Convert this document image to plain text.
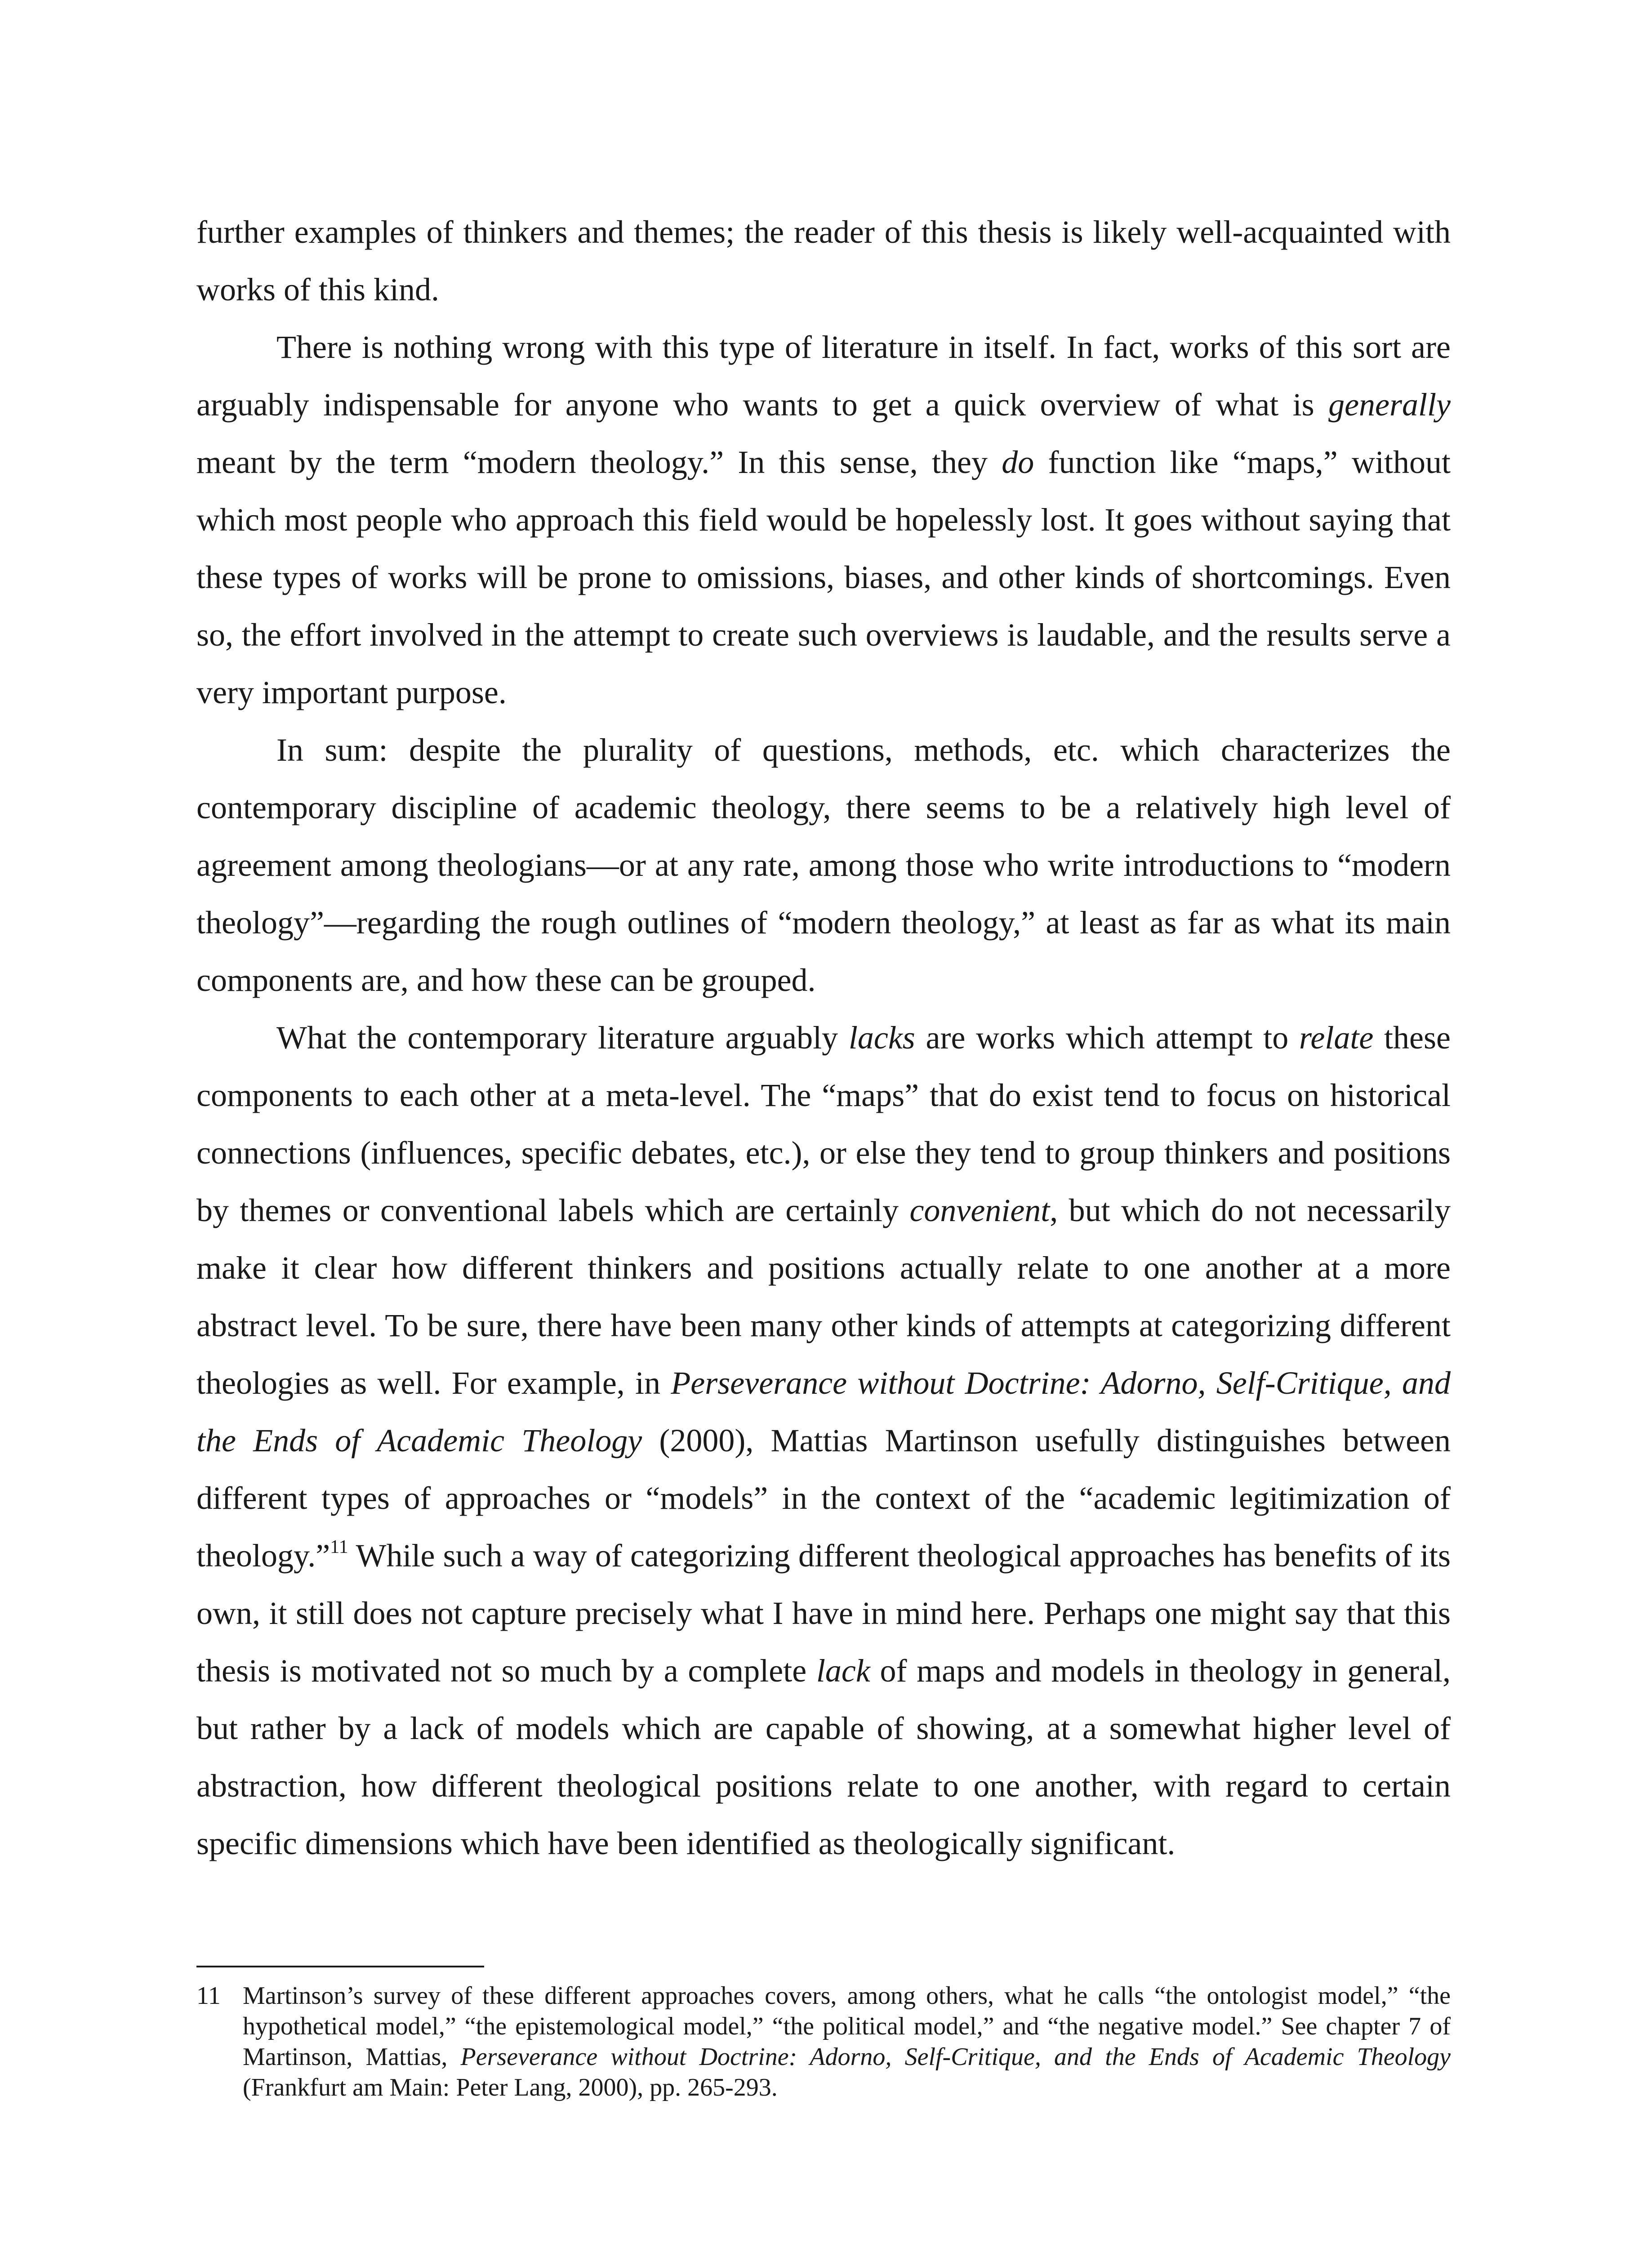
further examples of thinkers and themes; the reader of this thesis is likely well-acquainted with works of this kind.

There is nothing wrong with this type of literature in itself. In fact, works of this sort are arguably indispensable for anyone who wants to get a quick overview of what is generally meant by the term “modern theology.” In this sense, they do function like “maps,” without which most people who approach this field would be hopelessly lost. It goes without saying that these types of works will be prone to omissions, biases, and other kinds of shortcomings. Even so, the effort involved in the attempt to create such overviews is laudable, and the results serve a very important purpose.

In sum: despite the plurality of questions, methods, etc. which characterizes the contemporary discipline of academic theology, there seems to be a relatively high level of agreement among theologians—or at any rate, among those who write introductions to “modern theology”—regarding the rough outlines of “modern theology,” at least as far as what its main components are, and how these can be grouped.

What the contemporary literature arguably lacks are works which attempt to relate these components to each other at a meta-level. The “maps” that do exist tend to focus on historical connections (influences, specific debates, etc.), or else they tend to group thinkers and positions by themes or conventional labels which are certainly convenient, but which do not necessarily make it clear how different thinkers and positions actually relate to one another at a more abstract level. To be sure, there have been many other kinds of attempts at categorizing different theologies as well. For example, in Perseverance without Doctrine: Adorno, Self-Critique, and the Ends of Academic Theology (2000), Mattias Martinson usefully distinguishes between different types of approaches or “models” in the context of the “academic legitimization of theology.”$^{11}$ While such a way of categorizing different theological approaches has benefits of its own, it still does not capture precisely what I have in mind here. Perhaps one might say that this thesis is motivated not so much by a complete lack of maps and models in theology in general, but rather by a lack of models which are capable of showing, at a somewhat higher level of abstraction, how different theological positions relate to one another, with regard to certain specific dimensions which have been identified as theologically significant.

11 Martinson’s survey of these different approaches covers, among others, what he calls “the ontologist model,” “the hypothetical model,” “the epistemological model,” “the political model,” and “the negative model.” See chapter 7 of Martinson, Mattias, Perseverance without Doctrine: Adorno, Self-Critique, and the Ends of Academic Theology (Frankfurt am Main: Peter Lang, 2000), pp. 265-293.
